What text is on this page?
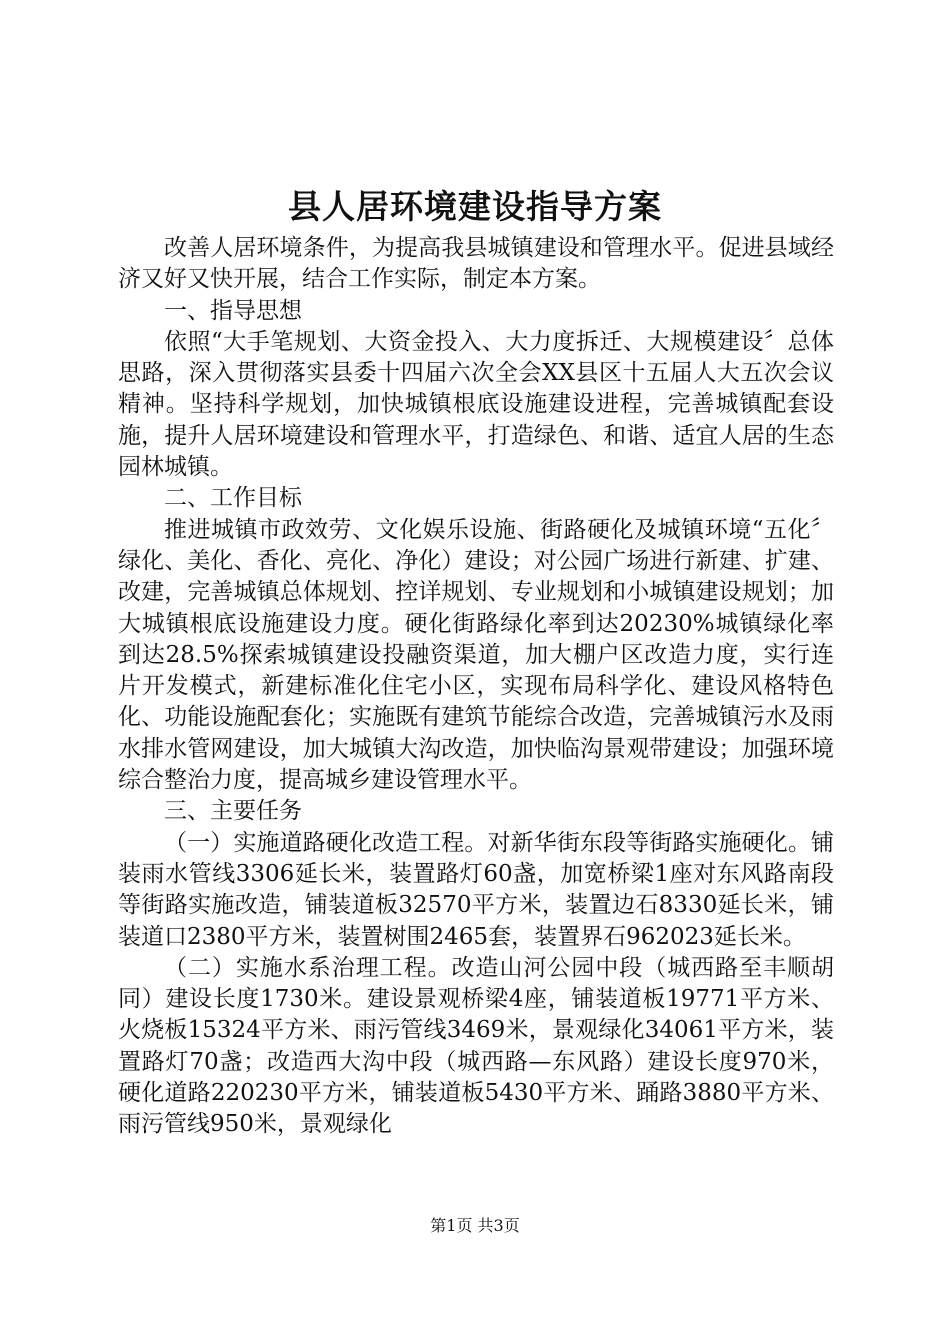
县人居环境建设指导方案

改善人居环境条件，为提高我县城镇建设和管理水平。促进县域经济又好又快开展，结合工作实际，制定本方案。

一、指导思想

依照“大手笔规划、大资金投入、大力度拆迁、大规模建设〞总体思路，深入贯彻落实县委十四届六次全会XX县区十五届人大五次会议精神。坚持科学规划，加快城镇根底设施建设进程，完善城镇配套设施，提升人居环境建设和管理水平，打造绿色、和谐、适宜人居的生态园林城镇。

二、工作目标

推进城镇市政效劳、文化娱乐设施、街路硬化及城镇环境“五化〞绿化、美化、香化、亮化、净化）建设；对公园广场进行新建、扩建、改建，完善城镇总体规划、控详规划、专业规划和小城镇建设规划；加大城镇根底设施建设力度。硬化街路绿化率到达20230%城镇绿化率到达28.5%探索城镇建设投融资渠道，加大棚户区改造力度，实行连片开发模式，新建标准化住宅小区，实现布局科学化、建设风格特色化、功能设施配套化；实施既有建筑节能综合改造，完善城镇污水及雨水排水管网建设，加大城镇大沟改造，加快临沟景观带建设；加强环境综合整治力度，提高城乡建设管理水平。

三、主要任务

（一）实施道路硬化改造工程。对新华街东段等街路实施硬化。铺装雨水管线3306延长米，装置路灯60盏，加宽桥梁1座对东风路南段等街路实施改造，铺装道板32570平方米，装置边石8330延长米，铺装道口2380平方米，装置树围2465套，装置界石962023延长米。

（二）实施水系治理工程。改造山河公园中段（城西路至丰顺胡同）建设长度1730米。建设景观桥梁4座，铺装道板19771平方米、火烧板15324平方米、雨污管线3469米，景观绿化34061平方米，装置路灯70盏；改造西大沟中段（城西路—东风路）建设长度970米，硬化道路220230平方米，铺装道板5430平方米、踊路3880平方米、雨污管线950米，景观绿化

第1页 共3页
